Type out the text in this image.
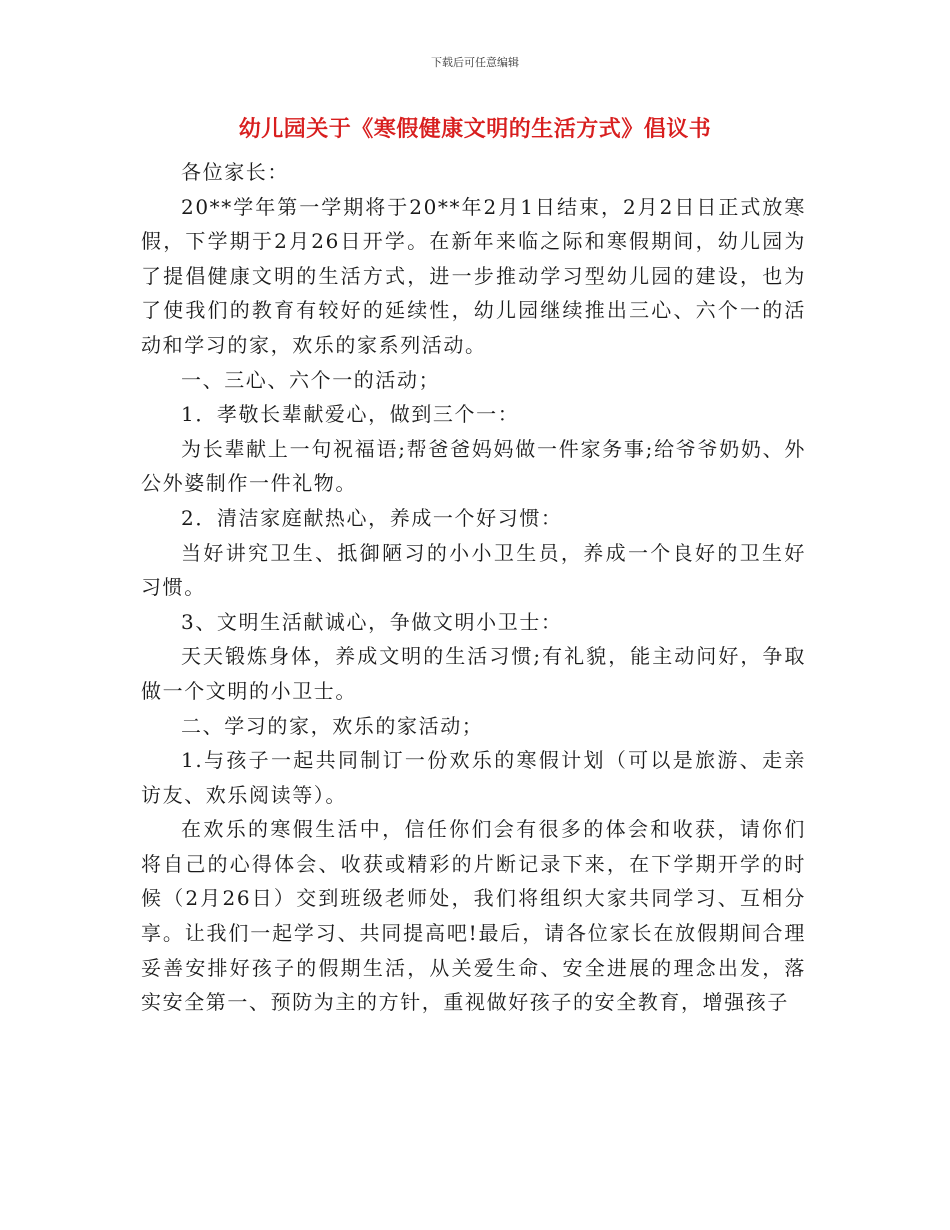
下载后可任意编辑
幼儿园关于《寒假健康文明的生活方式》倡议书

各位家长：

20**学年第一学期将于20**年2月1日结束，2月2日日正式放寒假，下学期于2月26日开学。在新年来临之际和寒假期间，幼儿园为了提倡健康文明的生活方式，进一步推动学习型幼儿园的建设，也为了使我们的教育有较好的延续性，幼儿园继续推出三心、六个一的活动和学习的家，欢乐的家系列活动。

一、三心、六个一的活动；

1．孝敬长辈献爱心，做到三个一：

为长辈献上一句祝福语;帮爸爸妈妈做一件家务事;给爷爷奶奶、外公外婆制作一件礼物。

2．清洁家庭献热心，养成一个好习惯：

当好讲究卫生、抵御陋习的小小卫生员，养成一个良好的卫生好习惯。

3、文明生活献诚心，争做文明小卫士：

天天锻炼身体，养成文明的生活习惯;有礼貌，能主动问好，争取做一个文明的小卫士。

二、学习的家，欢乐的家活动；

1.与孩子一起共同制订一份欢乐的寒假计划（可以是旅游、走亲访友、欢乐阅读等）。

在欢乐的寒假生活中，信任你们会有很多的体会和收获，请你们将自己的心得体会、收获或精彩的片断记录下来，在下学期开学的时候（2月26日）交到班级老师处，我们将组织大家共同学习、互相分享。让我们一起学习、共同提高吧!最后，请各位家长在放假期间合理妥善安排好孩子的假期生活，从关爱生命、安全进展的理念出发，落实安全第一、预防为主的方针，重视做好孩子的安全教育，增强孩子
